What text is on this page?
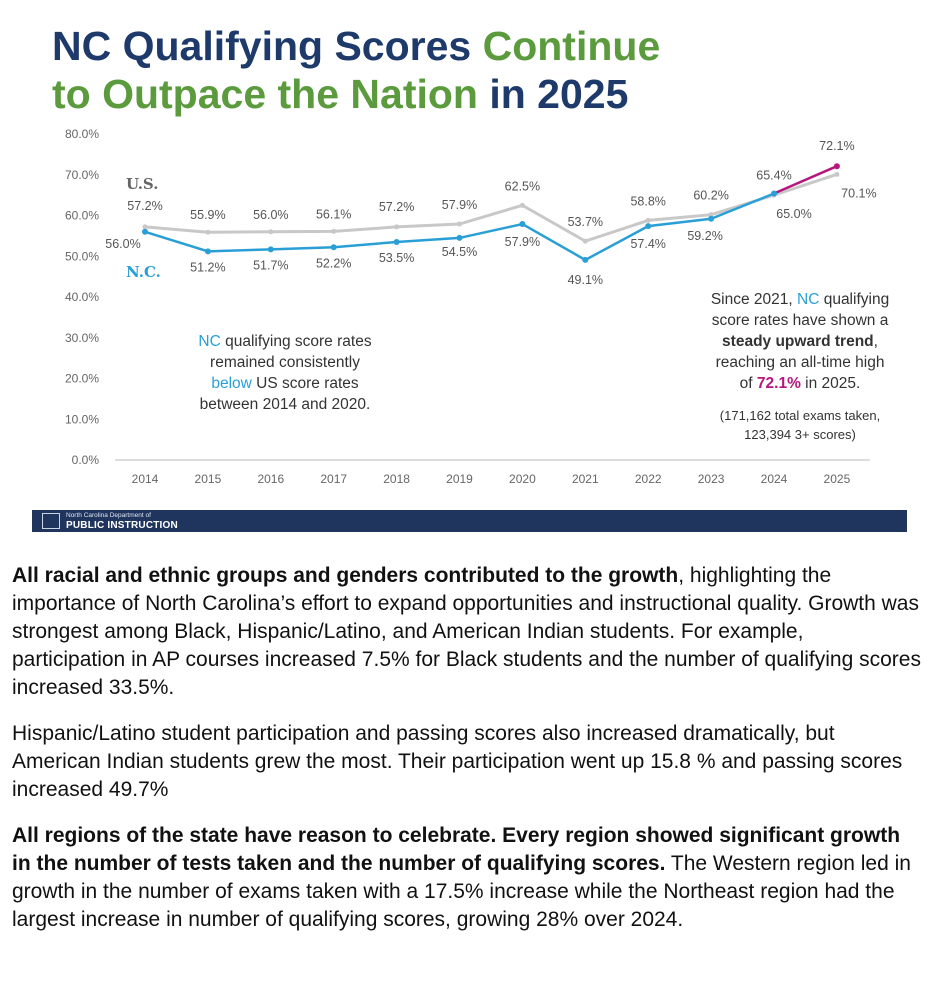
NC Qualifying Scores Continue
to Outpace the Nation in 2025
0.0%
10.0%
20.0%
30.0%
40.0%
50.0%
60.0%
70.0%
80.0%
2014	2015	2016	2017	2018	2019	2020	2021	2022	2023	2024	2025
57.2%
55.9% 56.0% 56.1%
57.2% 57.9%
62.5%
53.7%
58.8% 60.2%
65.0%
70.1%
56.0%
51.2% 51.7% 52.2% 53.5% 54.5%
57.9%
49.1%
57.4%
59.2%
65.4%
72.1%
U.S.
N.C.
NC qualifying score rates
remained consistently
below US score rates
between 2014 and 2020.
Since 2021, NC qualifying
score rates have shown a
steady upward trend,
reaching an all-time high
of 72.1% in 2025.
(171,162 total exams taken,
123,394 3+ scores)
North Carolina Department of
PUBLIC INSTRUCTION

All racial and ethnic groups and genders contributed to the growth, highlighting the importance of North Carolina’s effort to expand opportunities and instructional quality. Growth was strongest among Black, Hispanic/Latino, and American Indian students. For example, participation in AP courses increased 7.5% for Black students and the number of qualifying scores increased 33.5%.

Hispanic/Latino student participation and passing scores also increased dramatically, but American Indian students grew the most. Their participation went up 15.8 % and passing scores increased 49.7%

All regions of the state have reason to celebrate. Every region showed significant growth in the number of tests taken and the number of qualifying scores. The Western region led in growth in the number of exams taken with a 17.5% increase while the Northeast region had the largest increase in number of qualifying scores, growing 28% over 2024.
